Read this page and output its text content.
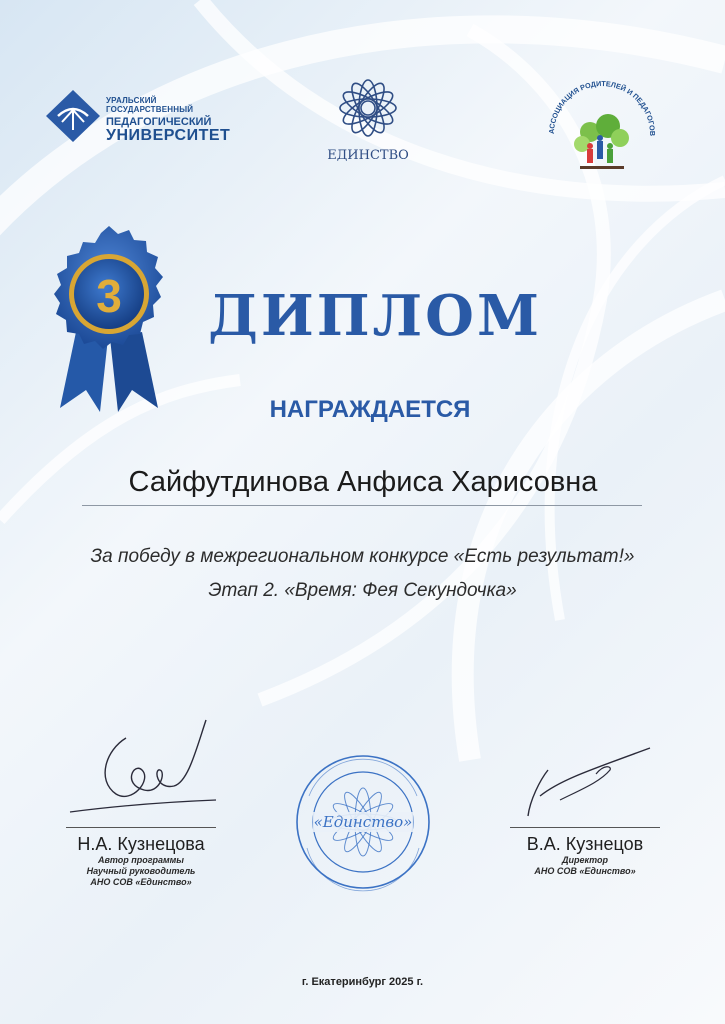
УРАЛЬСКИЙ ГОСУДАРСТВЕННЫЙ
ПЕДАГОГИЧЕСКИЙ
УНИВЕРСИТЕТ
ЕДИНСТВО
АССОЦИАЦИЯ РОДИТЕЛЕЙ И ПЕДАГОГОВ
3	ДИПЛОМ
НАГРАЖДАЕТСЯ
Сайфутдинова Анфиса Харисовна
За победу в межрегиональном конкурсе «Есть результат!»
Этап 2. «Время: Фея Секундочка»
Н.А. Кузнецова
Автор программы
Научный руководитель
АНО СОВ «Единство»
«Единство»
В.А. Кузнецов
Директор
АНО СОВ «Единство»
г. Екатеринбург 2025 г.
